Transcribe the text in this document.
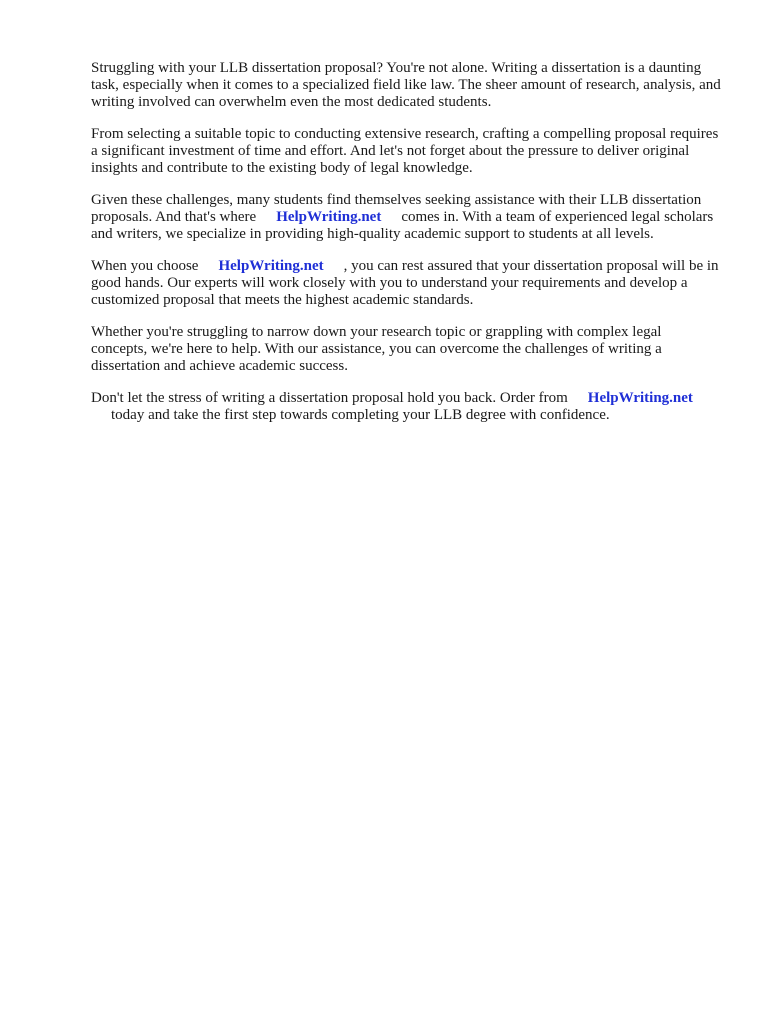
Struggling with your LLB dissertation proposal? You're not alone. Writing a dissertation is a daunting task, especially when it comes to a specialized field like law. The sheer amount of research, analysis, and writing involved can overwhelm even the most dedicated students.

From selecting a suitable topic to conducting extensive research, crafting a compelling proposal requires a significant investment of time and effort. And let's not forget about the pressure to deliver original insights and contribute to the existing body of legal knowledge.

Given these challenges, many students find themselves seeking assistance with their LLB dissertation proposals. And that's where HelpWriting.net comes in. With a team of experienced legal scholars and writers, we specialize in providing high-quality academic support to students at all levels.

When you choose HelpWriting.net , you can rest assured that your dissertation proposal will be in good hands. Our experts will work closely with you to understand your requirements and develop a customized proposal that meets the highest academic standards.

Whether you're struggling to narrow down your research topic or grappling with complex legal concepts, we're here to help. With our assistance, you can overcome the challenges of writing a dissertation and achieve academic success.

Don't let the stress of writing a dissertation proposal hold you back. Order from HelpWriting.net
today and take the first step towards completing your LLB degree with confidence.
